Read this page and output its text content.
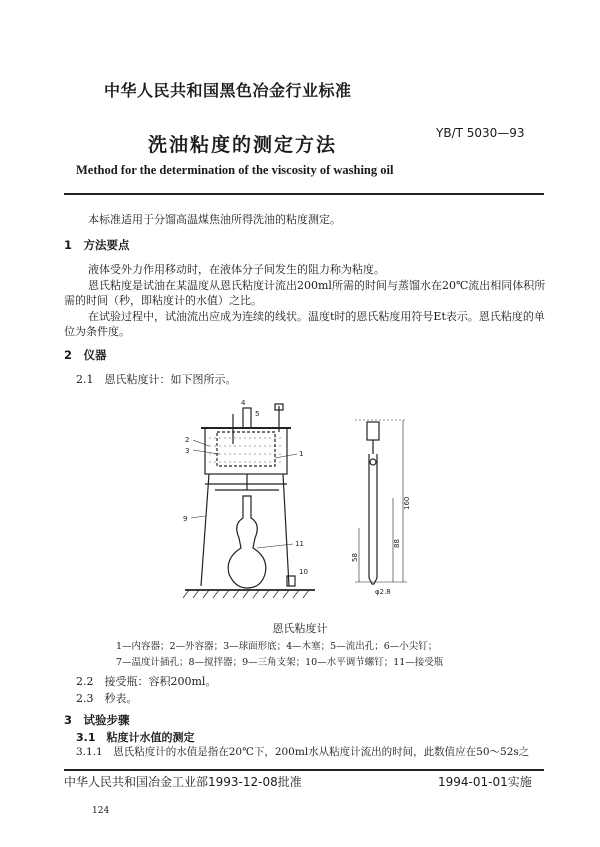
中华人民共和国黑色冶金行业标准
YB/T 5030—93
洗油粘度的测定方法
Method for the determination of the viscosity of washing oil
本标准适用于分馏高温煤焦油所得洗油的粘度测定。
1　方法要点
液体受外力作用移动时，在液体分子间发生的阻力称为粘度。
恩氏粘度是试油在某温度从恩氏粘度计流出200ml所需的时间与蒸馏水在20℃流出相同体积所需的时间（秒，即粘度计的水值）之比。
在试验过程中，试油流出应成为连续的线状。温度t时的恩氏粘度用符号Et表示。恩氏粘度的单位为条件度。
2　仪器
2.1　恩氏粘度计：如下图所示。
4
5
2
3	1
9
11
10
160
88
58
φ2.8
恩氏粘度计
1—内容器；2—外容器；3—球面形底；4—木塞；5—流出孔；6—小尖钉；
7—温度计插孔；8—搅拌器；9—三角支架；10—水平调节螺钉；11—接受瓶
2.2　接受瓶：容积200ml。
2.3　秒表。
3　试验步骤
3.1　粘度计水值的测定
3.1.1　恩氏粘度计的水值是指在20℃下，200ml水从粘度计流出的时间，此数值应在50～52s之
中华人民共和国冶金工业部1993-12-08批准	1994-01-01实施
124
